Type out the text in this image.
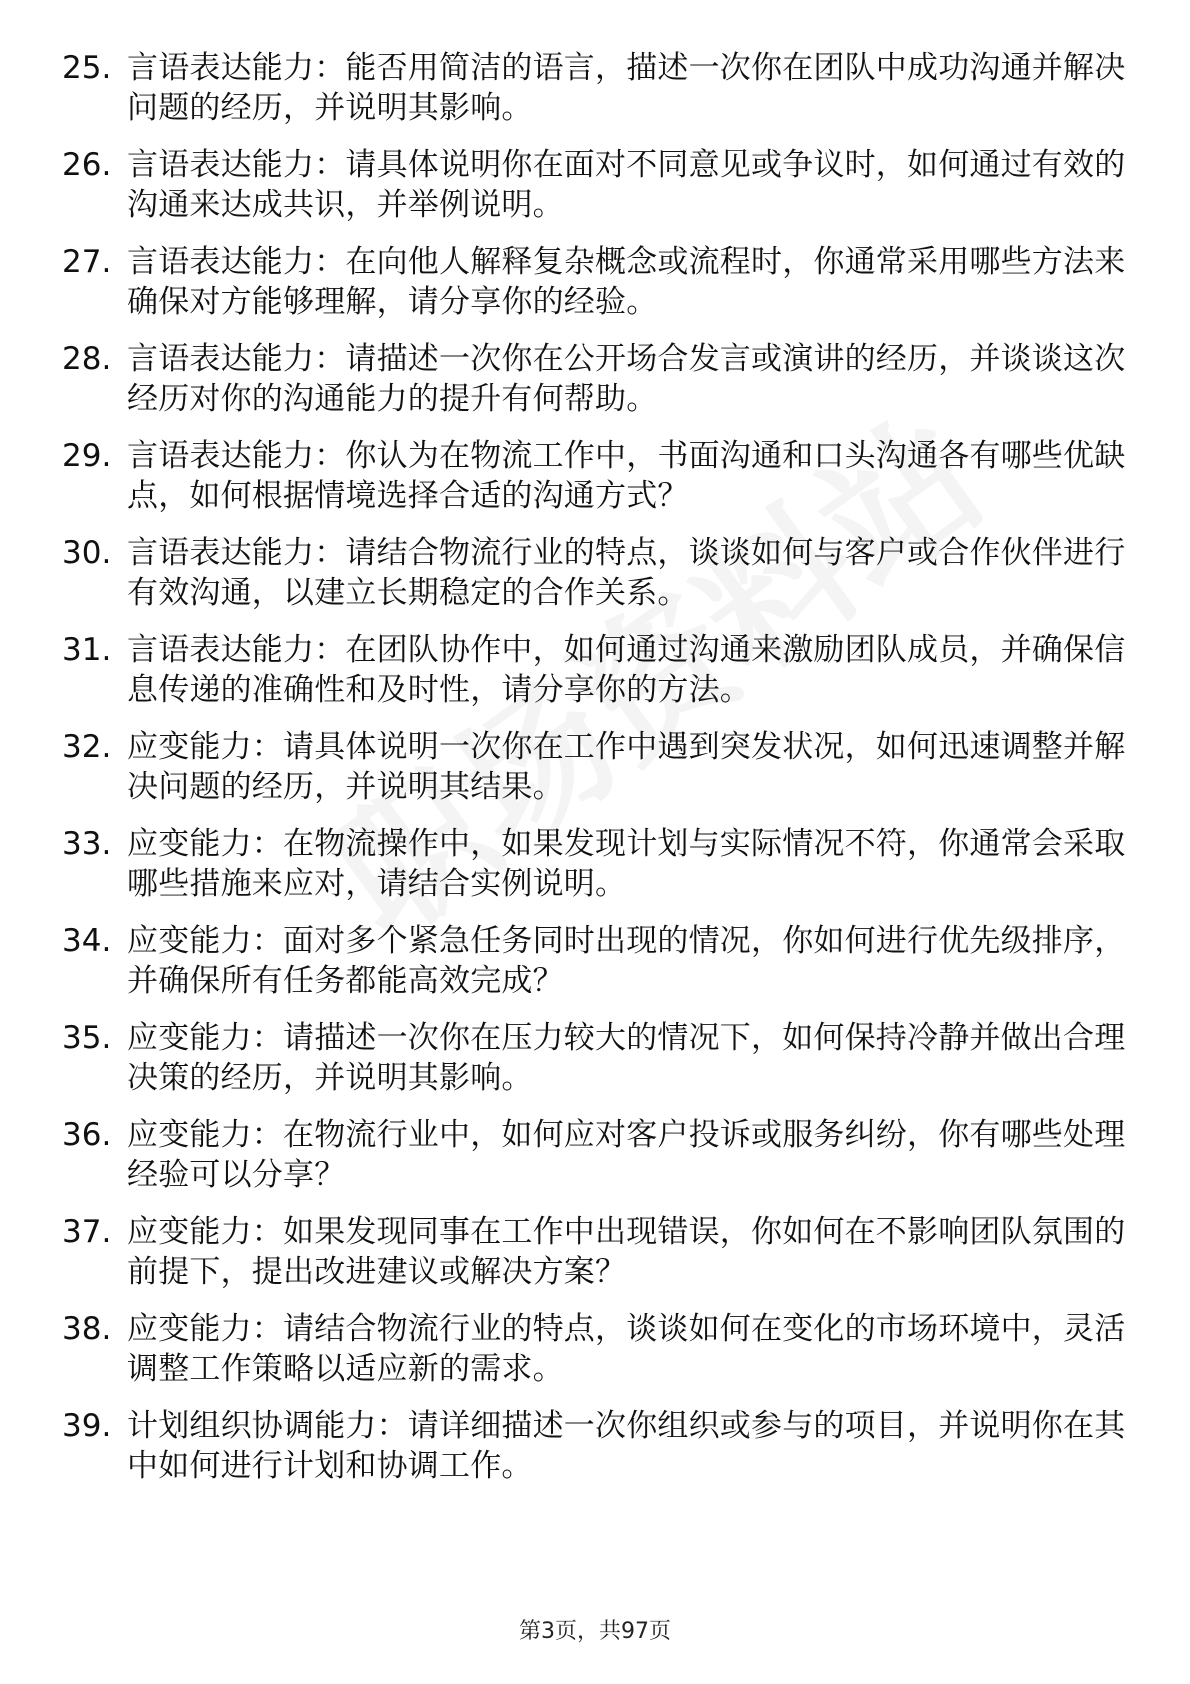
25. 言语表达能力：能否用简洁的语言，描述一次你在团队中成功沟通并解决问题的经历，并说明其影响。
26. 言语表达能力：请具体说明你在面对不同意见或争议时，如何通过有效的沟通来达成共识，并举例说明。
27. 言语表达能力：在向他人解释复杂概念或流程时，你通常采用哪些方法来确保对方能够理解，请分享你的经验。
28. 言语表达能力：请描述一次你在公开场合发言或演讲的经历，并谈谈这次经历对你的沟通能力的提升有何帮助。
29. 言语表达能力：你认为在物流工作中，书面沟通和口头沟通各有哪些优缺点，如何根据情境选择合适的沟通方式？
30. 言语表达能力：请结合物流行业的特点，谈谈如何与客户或合作伙伴进行有效沟通，以建立长期稳定的合作关系。
31. 言语表达能力：在团队协作中，如何通过沟通来激励团队成员，并确保信息传递的准确性和及时性，请分享你的方法。
32. 应变能力：请具体说明一次你在工作中遇到突发状况，如何迅速调整并解决问题的经历，并说明其结果。
33. 应变能力：在物流操作中，如果发现计划与实际情况不符，你通常会采取哪些措施来应对，请结合实例说明。
34. 应变能力：面对多个紧急任务同时出现的情况，你如何进行优先级排序，并确保所有任务都能高效完成？
35. 应变能力：请描述一次你在压力较大的情况下，如何保持冷静并做出合理决策的经历，并说明其影响。
36. 应变能力：在物流行业中，如何应对客户投诉或服务纠纷，你有哪些处理经验可以分享？
37. 应变能力：如果发现同事在工作中出现错误，你如何在不影响团队氛围的前提下，提出改进建议或解决方案？
38. 应变能力：请结合物流行业的特点，谈谈如何在变化的市场环境中，灵活调整工作策略以适应新的需求。
39. 计划组织协调能力：请详细描述一次你组织或参与的项目，并说明你在其中如何进行计划和协调工作。
第3页，共97页
